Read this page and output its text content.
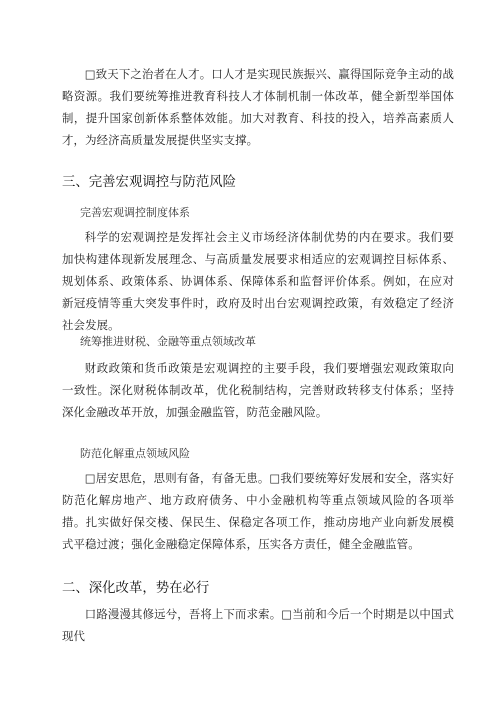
□致天下之治者在人才。口人才是实现民族振兴、赢得国际竞争主动的战略资源。我们要统筹推进教育科技人才体制机制一体改革，健全新型举国体制，提升国家创新体系整体效能。加大对教育、科技的投入，培养高素质人才，为经济高质量发展提供坚实支撑。

三、完善宏观调控与防范风险
完善宏观调控制度体系

科学的宏观调控是发挥社会主义市场经济体制优势的内在要求。我们要加快构建体现新发展理念、与高质量发展要求相适应的宏观调控目标体系、规划体系、政策体系、协调体系、保障体系和监督评价体系。例如，在应对新冠疫情等重大突发事件时，政府及时出台宏观调控政策，有效稳定了经济社会发展。

统筹推进财税、金融等重点领域改革

财政政策和货币政策是宏观调控的主要手段，我们要增强宏观政策取向一致性。深化财税体制改革，优化税制结构，完善财政转移支付体系；坚持深化金融改革开放，加强金融监管，防范金融风险。

防范化解重点领域风险

□居安思危，思则有备，有备无患。□我们要统筹好发展和安全，落实好防范化解房地产、地方政府债务、中小金融机构等重点领域风险的各项举措。扎实做好保交楼、保民生、保稳定各项工作，推动房地产业向新发展模式平稳过渡；强化金融稳定保障体系，压实各方责任，健全金融监管。

二、深化改革，势在必行

口路漫漫其修远兮，吾将上下而求索。□当前和今后一个时期是以中国式现代
